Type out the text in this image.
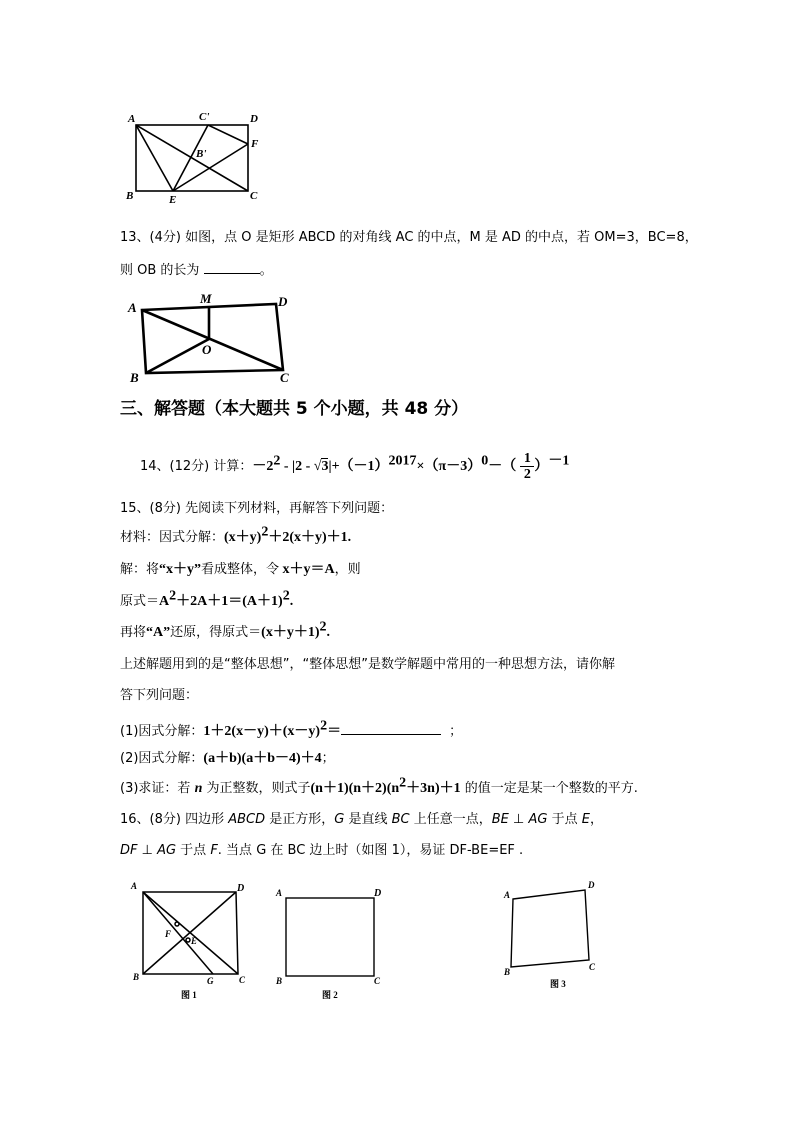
A	C'	D
F
B'
B	E	C
13、(4分) 如图，点 O 是矩形 ABCD 的对角线 AC 的中点，M 是 AD 的中点，若 OM=3，BC=8，
则 OB 的长为	。
A
M	D
O
B	C
三、解答题（本大题共 5 个小题，共 48 分）
14、(12分) 计算：$-2^2 - |2 - √3|+(-1)^{2017}\times(\pi-3)^0-( \frac{1}{2} )^{-1}$
15、(8分) 先阅读下列材料，再解答下列问题：
材料：因式分解：$(x+y)^2+2(x+y)+1$.
解：将“x＋y”看成整体，令 x＋y＝A，则
原式$=A^2+2A+1=(A+1)^2$.
再将“A”还原，得原式$=(x+y+1)^2$.
上述解题用到的是“整体思想”，“整体思想”是数学解题中常用的一种思想方法，请你解
答下列问题：
(1)因式分解：$1+2(x-y)+(x-y)^2=$	；
(2)因式分解：(a＋b)(a＋b－4)＋4；
(3)求证：若 n 为正整数，则式子$(n+1)(n+2)(n^2+3n)+1$ 的值一定是某一个整数的平方.
16、(8分) 四边形 ABCD 是正方形，G 是直线 BC 上任意一点，BE ⊥ AG 于点 E，
DF ⊥ AG 于点 F. 当点 G 在 BC 边上时（如图 1），易证 DF-BE=EF .
A	D
F
E
B	G	C
图 1
A	D
B	C
图 2
A
D
B	C
图 3
